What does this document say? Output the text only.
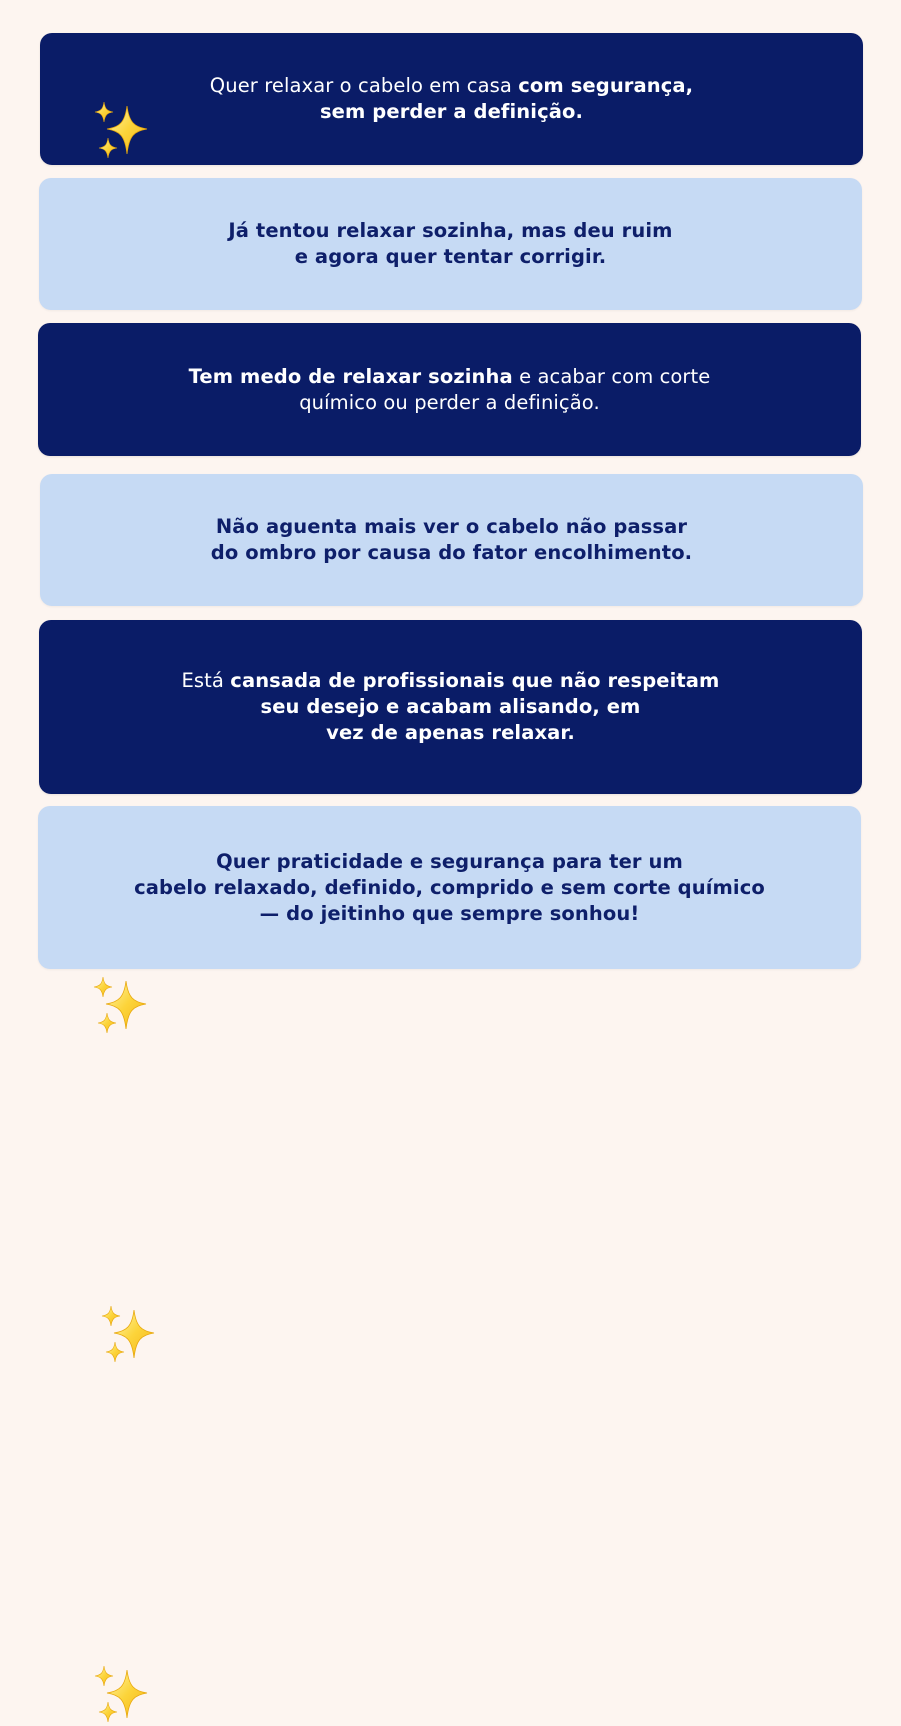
Quer relaxar o cabelo em casa com segurança,
sem perder a definição.
Já tentou relaxar sozinha, mas deu ruim
e agora quer tentar corrigir.
Tem medo de relaxar sozinha e acabar com corte
químico ou perder a definição.
Não aguenta mais ver o cabelo não passar
do ombro por causa do fator encolhimento.
Está cansada de profissionais que não respeitam
seu desejo e acabam alisando, em
vez de apenas relaxar.
Quer praticidade e segurança para ter um
cabelo relaxado, definido, comprido e sem corte químico
— do jeitinho que sempre sonhou!
